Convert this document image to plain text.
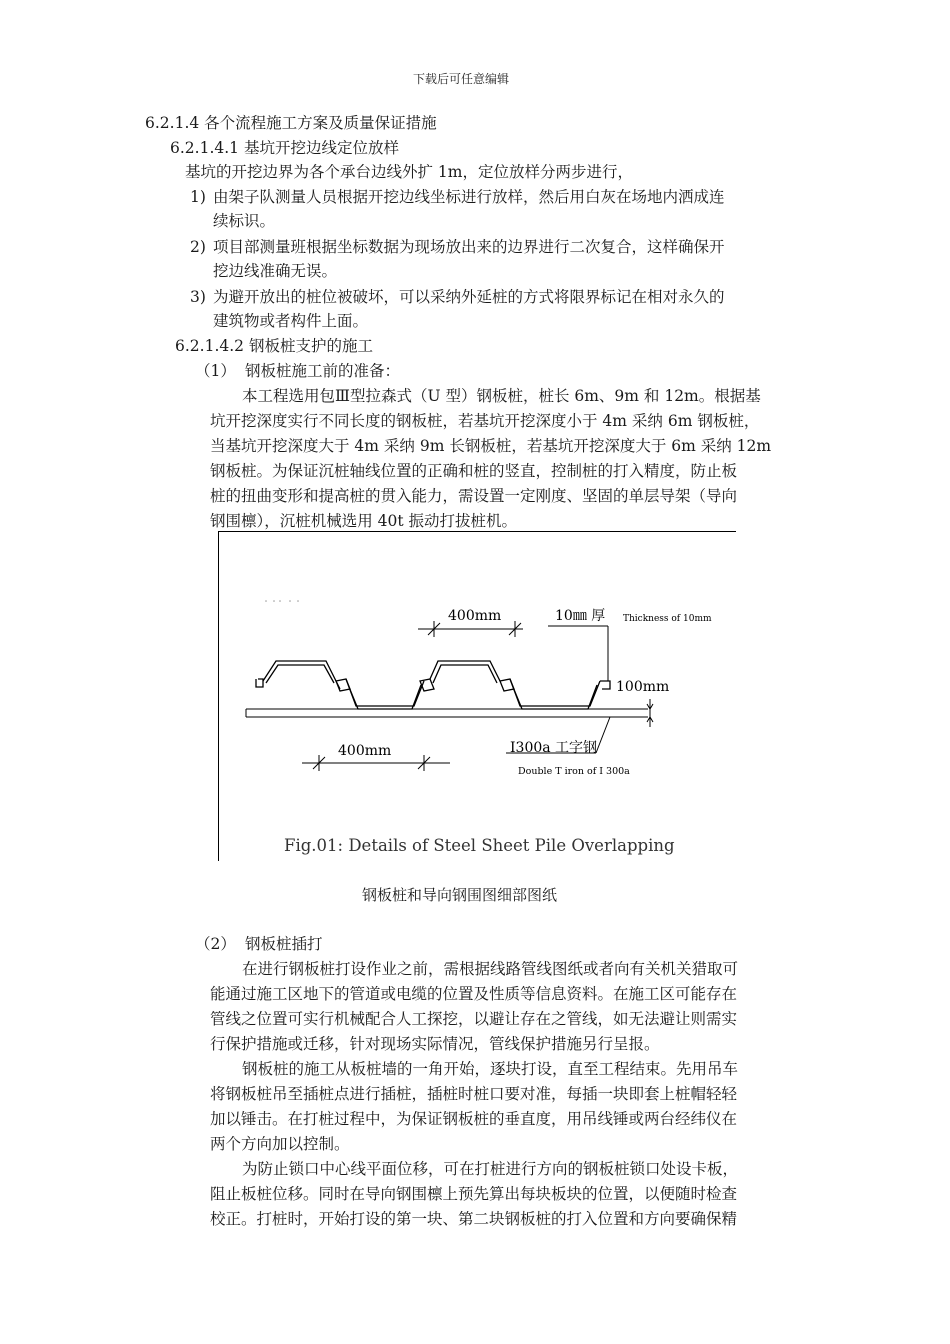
下载后可任意编辑
6.2.1.4 各个流程施工方案及质量保证措施
6.2.1.4.1 基坑开挖边线定位放样
基坑的开挖边界为各个承台边线外扩 1m，定位放样分两步进行，
1) 由架子队测量人员根据开挖边线坐标进行放样，然后用白灰在场地内洒成连
续标识。
2) 项目部测量班根据坐标数据为现场放出来的边界进行二次复合，这样确保开
挖边线准确无误。
3) 为避开放出的桩位被破坏，可以采纳外延桩的方式将限界标记在相对永久的
建筑物或者构件上面。
6.2.1.4.2 钢板桩支护的施工
（1） 钢板桩施工前的准备：
本工程选用包Ⅲ型拉森式（U 型）钢板桩，桩长 6m、9m 和 12m。根据基
坑开挖深度实行不同长度的钢板桩，若基坑开挖深度小于 4m 采纳 6m 钢板桩，
当基坑开挖深度大于 4m 采纳 9m 长钢板桩，若基坑开挖深度大于 6m 采纳 12m
钢板桩。为保证沉桩轴线位置的正确和桩的竖直，控制桩的打入精度，防止板
桩的扭曲变形和提高桩的贯入能力，需设置一定刚度、坚固的单层导架（导向
钢围檩），沉桩机械选用 40t 振动打拔桩机。
400mm	10㎜ 厚 Thickness of 10mm
100mm
I300a 工字钢
Double T iron of I 300a
400mm
Fig.01: Details of Steel Sheet Pile Overlapping
钢板桩和导向钢围图细部图纸
（2） 钢板桩插打
在进行钢板桩打设作业之前，需根据线路管线图纸或者向有关机关猎取可
能通过施工区地下的管道或电缆的位置及性质等信息资料。在施工区可能存在
管线之位置可实行机械配合人工探挖，以避让存在之管线，如无法避让则需实
行保护措施或迁移，针对现场实际情况，管线保护措施另行呈报。
钢板桩的施工从板桩墙的一角开始，逐块打设，直至工程结束。先用吊车
将钢板桩吊至插桩点进行插桩，插桩时桩口要对准，每插一块即套上桩帽轻轻
加以锤击。在打桩过程中，为保证钢板桩的垂直度，用吊线锤或两台经纬仪在
两个方向加以控制。
为防止锁口中心线平面位移，可在打桩进行方向的钢板桩锁口处设卡板，
阻止板桩位移。同时在导向钢围檩上预先算出每块板块的位置，以便随时检查
校正。打桩时，开始打设的第一块、第二块钢板桩的打入位置和方向要确保精
